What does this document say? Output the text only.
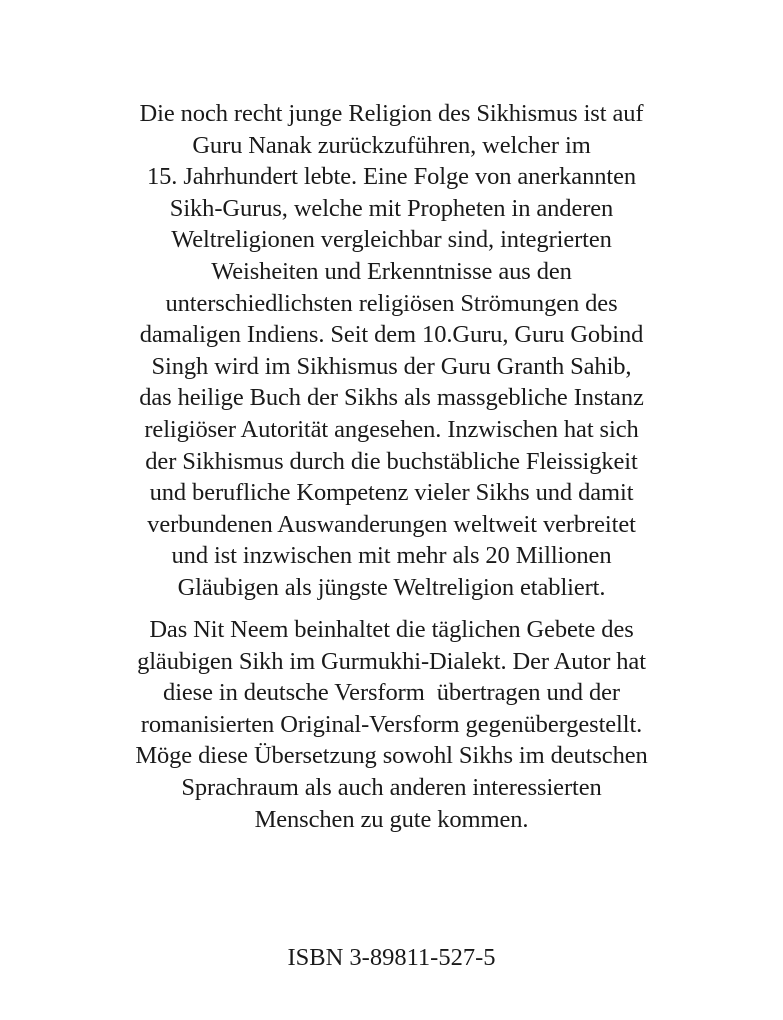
Die noch recht junge Religion des Sikhismus ist auf
Guru Nanak zurückzuführen, welcher im
15. Jahrhundert lebte. Eine Folge von anerkannten
Sikh-Gurus, welche mit Propheten in anderen
Weltreligionen vergleichbar sind, integrierten
Weisheiten und Erkenntnisse aus den
unterschiedlichsten religiösen Strömungen des
damaligen Indiens. Seit dem 10.Guru, Guru Gobind
Singh wird im Sikhismus der Guru Granth Sahib,
das heilige Buch der Sikhs als massgebliche Instanz
religiöser Autorität angesehen. Inzwischen hat sich
der Sikhismus durch die buchstäbliche Fleissigkeit
und berufliche Kompetenz vieler Sikhs und damit
verbundenen Auswanderungen weltweit verbreitet
und ist inzwischen mit mehr als 20 Millionen
Gläubigen als jüngste Weltreligion etabliert.
Das Nit Neem beinhaltet die täglichen Gebete des
gläubigen Sikh im Gurmukhi-Dialekt. Der Autor hat
diese in deutsche Versform  übertragen und der
romanisierten Original-Versform gegenübergestellt.
Möge diese Übersetzung sowohl Sikhs im deutschen
Sprachraum als auch anderen interessierten
Menschen zu gute kommen.
ISBN 3-89811-527-5
